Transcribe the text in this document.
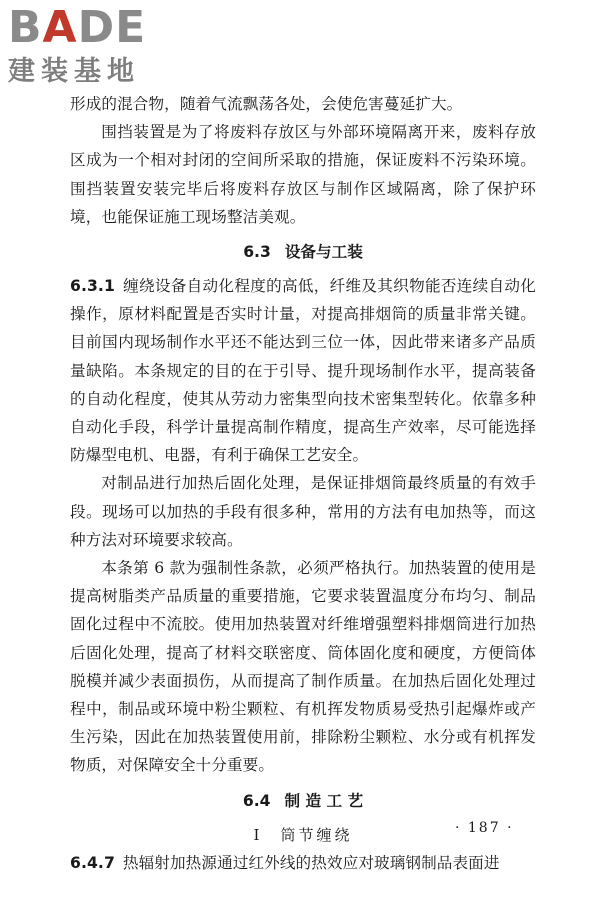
BADE
建装基地

形成的混合物，随着气流飘荡各处，会使危害蔓延扩大。

围挡装置是为了将废料存放区与外部环境隔离开来，废料存放区成为一个相对封闭的空间所采取的措施，保证废料不污染环境。围挡装置安装完毕后将废料存放区与制作区域隔离，除了保护环境，也能保证施工现场整洁美观。

6.3 设备与工装

6.3.1 缠绕设备自动化程度的高低，纤维及其织物能否连续自动化操作，原材料配置是否实时计量，对提高排烟筒的质量非常关键。目前国内现场制作水平还不能达到三位一体，因此带来诸多产品质量缺陷。本条规定的目的在于引导、提升现场制作水平，提高装备的自动化程度，使其从劳动力密集型向技术密集型转化。依靠多种自动化手段，科学计量提高制作精度，提高生产效率，尽可能选择防爆型电机、电器，有利于确保工艺安全。

对制品进行加热后固化处理，是保证排烟筒最终质量的有效手段。现场可以加热的手段有很多种，常用的方法有电加热等，而这种方法对环境要求较高。

本条第 6 款为强制性条款，必须严格执行。加热装置的使用是提高树脂类产品质量的重要措施，它要求装置温度分布均匀、制品固化过程中不流胶。使用加热装置对纤维增强塑料排烟筒进行加热后固化处理，提高了材料交联密度、筒体固化度和硬度，方便筒体脱模并减少表面损伤，从而提高了制作质量。在加热后固化处理过程中，制品或环境中粉尘颗粒、有机挥发物质易受热引起爆炸或产生污染，因此在加热装置使用前，排除粉尘颗粒、水分或有机挥发物质，对保障安全十分重要。

6.4 制 造 工 艺
Ⅰ 筒节缠绕

6.4.7 热辐射加热源通过红外线的热效应对玻璃钢制品表面进

· 187 ·
